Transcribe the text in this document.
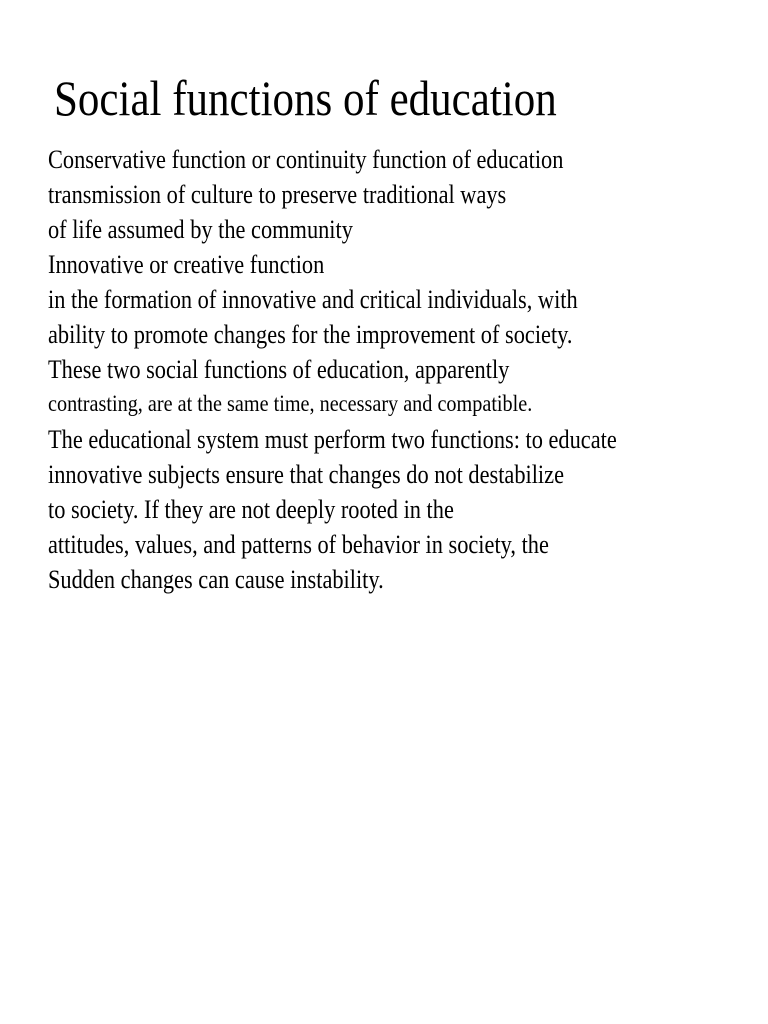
Social functions of education
Conservative function or continuity function of education
transmission of culture to preserve traditional ways
of life assumed by the community
Innovative or creative function
in the formation of innovative and critical individuals, with
ability to promote changes for the improvement of society.
These two social functions of education, apparently
contrasting, are at the same time, necessary and compatible.
The educational system must perform two functions: to educate
innovative subjects ensure that changes do not destabilize
to society. If they are not deeply rooted in the
attitudes, values, and patterns of behavior in society, the
Sudden changes can cause instability.
